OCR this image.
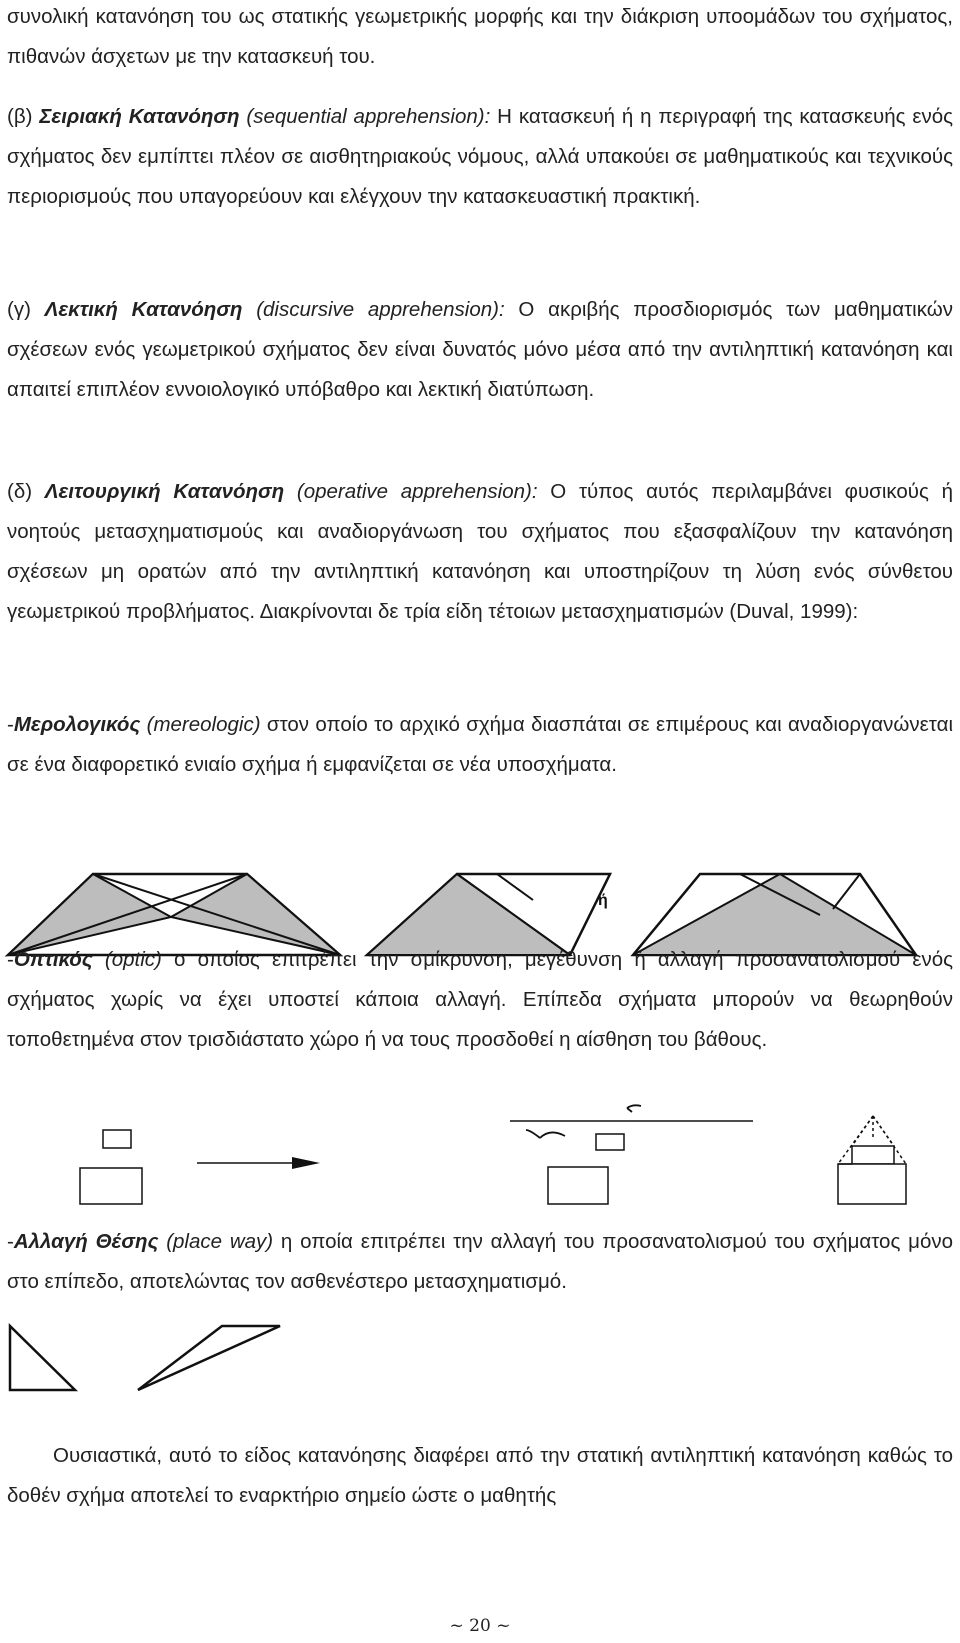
συνολική κατανόηση του ως στατικής γεωμετρικής μορφής και την διάκριση υποομάδων του σχήματος, πιθανών άσχετων με την κατασκευή του.

(β) Σειριακή Κατανόηση (sequential apprehension): Η κατασκευή ή η περιγραφή της κατασκευής ενός σχήματος δεν εμπίπτει πλέον σε αισθητηριακούς νόμους, αλλά υπακούει σε μαθηματικούς και τεχνικούς περιορισμούς που υπαγορεύουν και ελέγχουν την κατασκευαστική πρακτική.

(γ) Λεκτική Κατανόηση (discursive apprehension): Ο ακριβής προσδιορισμός των μαθηματικών σχέσεων ενός γεωμετρικού σχήματος δεν είναι δυνατός μόνο μέσα από την αντιληπτική κατανόηση και απαιτεί επιπλέον εννοιολογικό υπόβαθρο και λεκτική διατύπωση.

(δ) Λειτουργική Κατανόηση (operative apprehension): Ο τύπος αυτός περιλαμβάνει φυσικούς ή νοητούς μετασχηματισμούς και αναδιοργάνωση του σχήματος που εξασφαλίζουν την κατανόηση σχέσεων μη ορατών από την αντιληπτική κατανόηση και υποστηρίζουν τη λύση ενός σύνθετου γεωμετρικού προβλήματος. Διακρίνονται δε τρία είδη τέτοιων μετασχηματισμών (Duval, 1999):

-Μερολογικός (mereologic) στον οποίο το αρχικό σχήμα διασπάται σε επιμέρους και αναδιοργανώνεται σε ένα διαφορετικό ενιαίο σχήμα ή εμφανίζεται σε νέα υποσχήματα.

ή

-Οπτικός (optic) ο οποίος επιτρέπει την σμίκρυνση, μεγέθυνση ή αλλαγή προσανατολισμού ενός σχήματος χωρίς να έχει υποστεί κάποια αλλαγή. Επίπεδα σχήματα μπορούν να θεωρηθούν τοποθετημένα στον τρισδιάστατο χώρο ή να τους προσδοθεί η αίσθηση του βάθους.

-Αλλαγή Θέσης (place way) η οποία επιτρέπει την αλλαγή του προσανατολισμού του σχήματος μόνο στο επίπεδο, αποτελώντας τον ασθενέστερο μετασχηματισμό.

Ουσιαστικά, αυτό το είδος κατανόησης διαφέρει από την στατική αντιληπτική κατανόηση καθώς το δοθέν σχήμα αποτελεί το εναρκτήριο σημείο ώστε ο μαθητής

~ 20 ~
